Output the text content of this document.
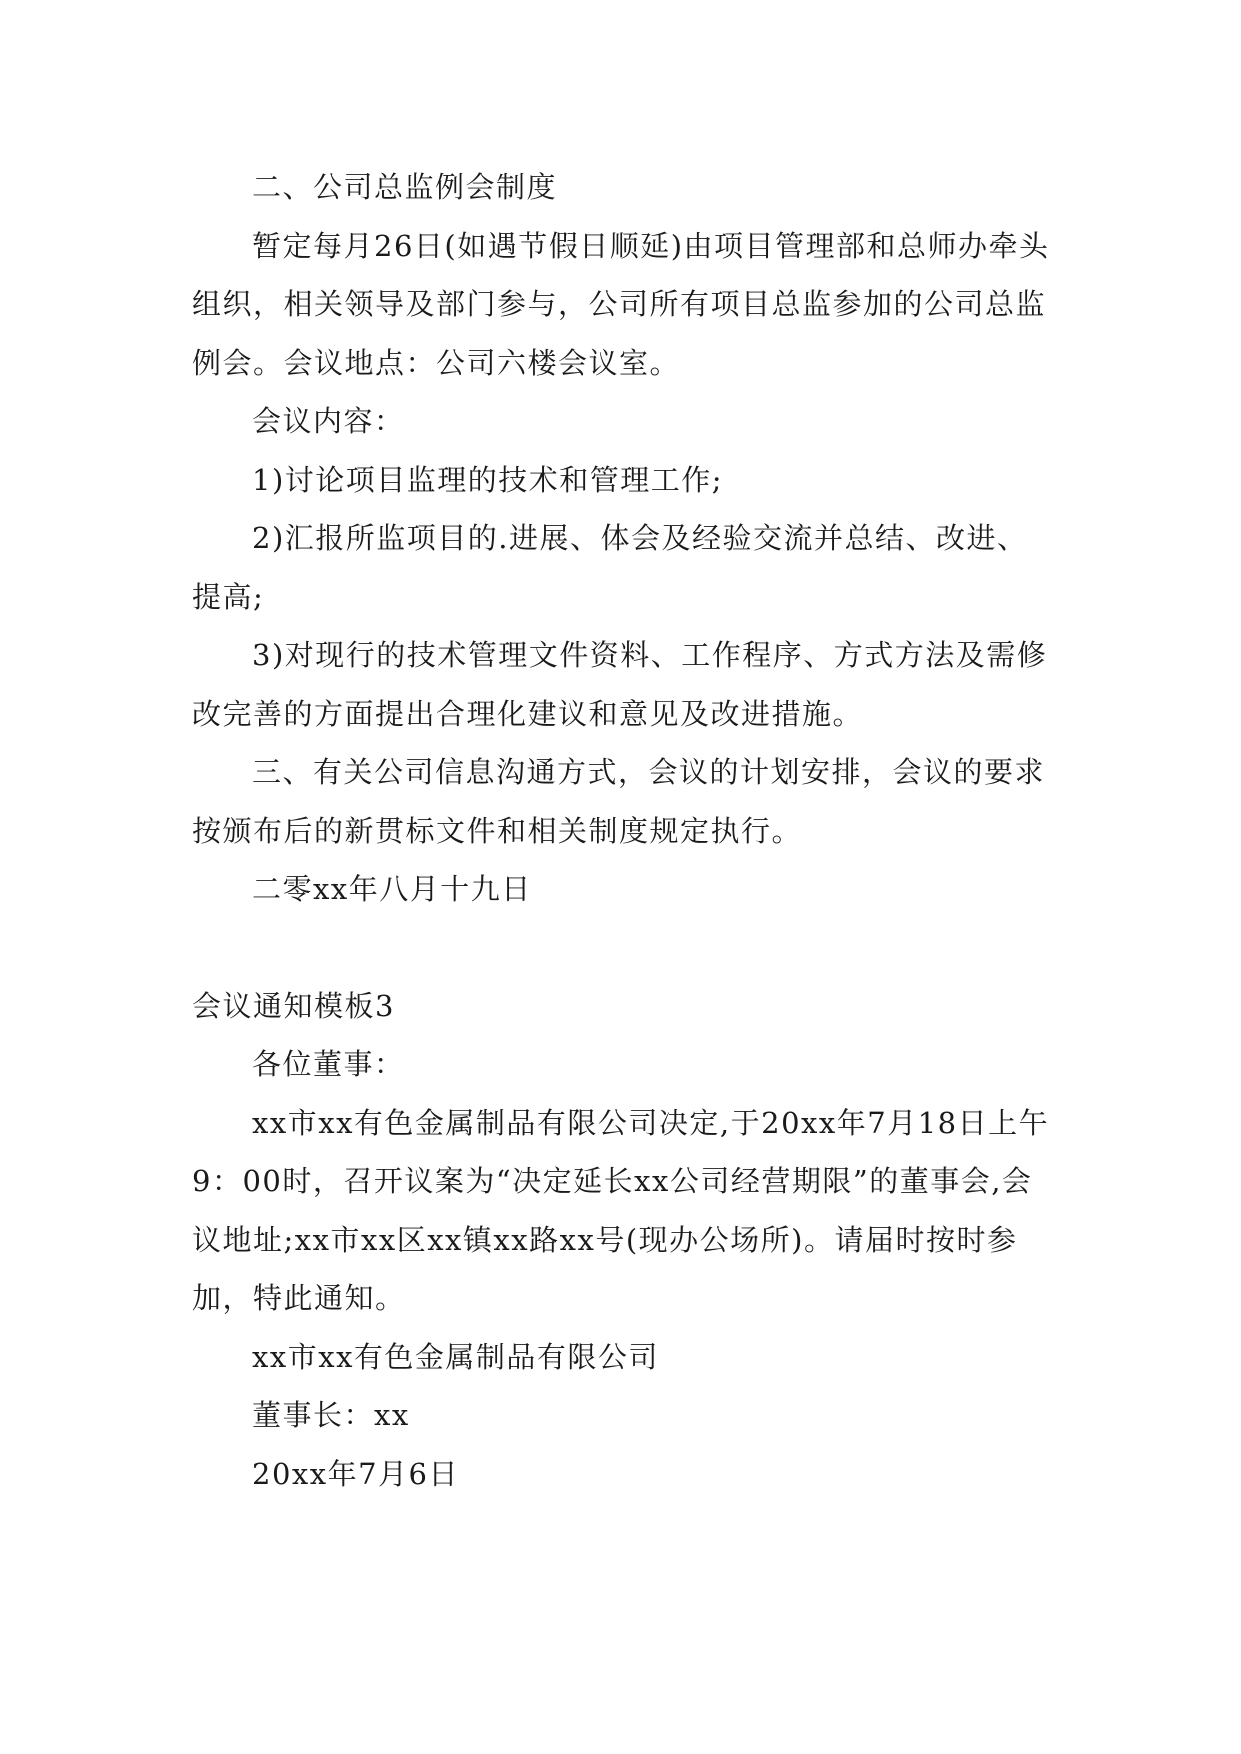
二、公司总监例会制度

暂定每月26日(如遇节假日顺延)由项目管理部和总师办牵头组织，相关领导及部门参与，公司所有项目总监参加的公司总监例会。会议地点：公司六楼会议室。

会议内容：

1)讨论项目监理的技术和管理工作;

2)汇报所监项目的.进展、体会及经验交流并总结、改进、提高;

3)对现行的技术管理文件资料、工作程序、方式方法及需修改完善的方面提出合理化建议和意见及改进措施。

三、有关公司信息沟通方式，会议的计划安排，会议的要求按颁布后的新贯标文件和相关制度规定执行。

二零xx年八月十九日

会议通知模板3

各位董事：

xx市xx有色金属制品有限公司决定,于20xx年7月18日上午9：00时，召开议案为“决定延长xx公司经营期限”的董事会,会议地址;xx市xx区xx镇xx路xx号(现办公场所)。请届时按时参加，特此通知。

xx市xx有色金属制品有限公司

董事长：xx

20xx年7月6日
